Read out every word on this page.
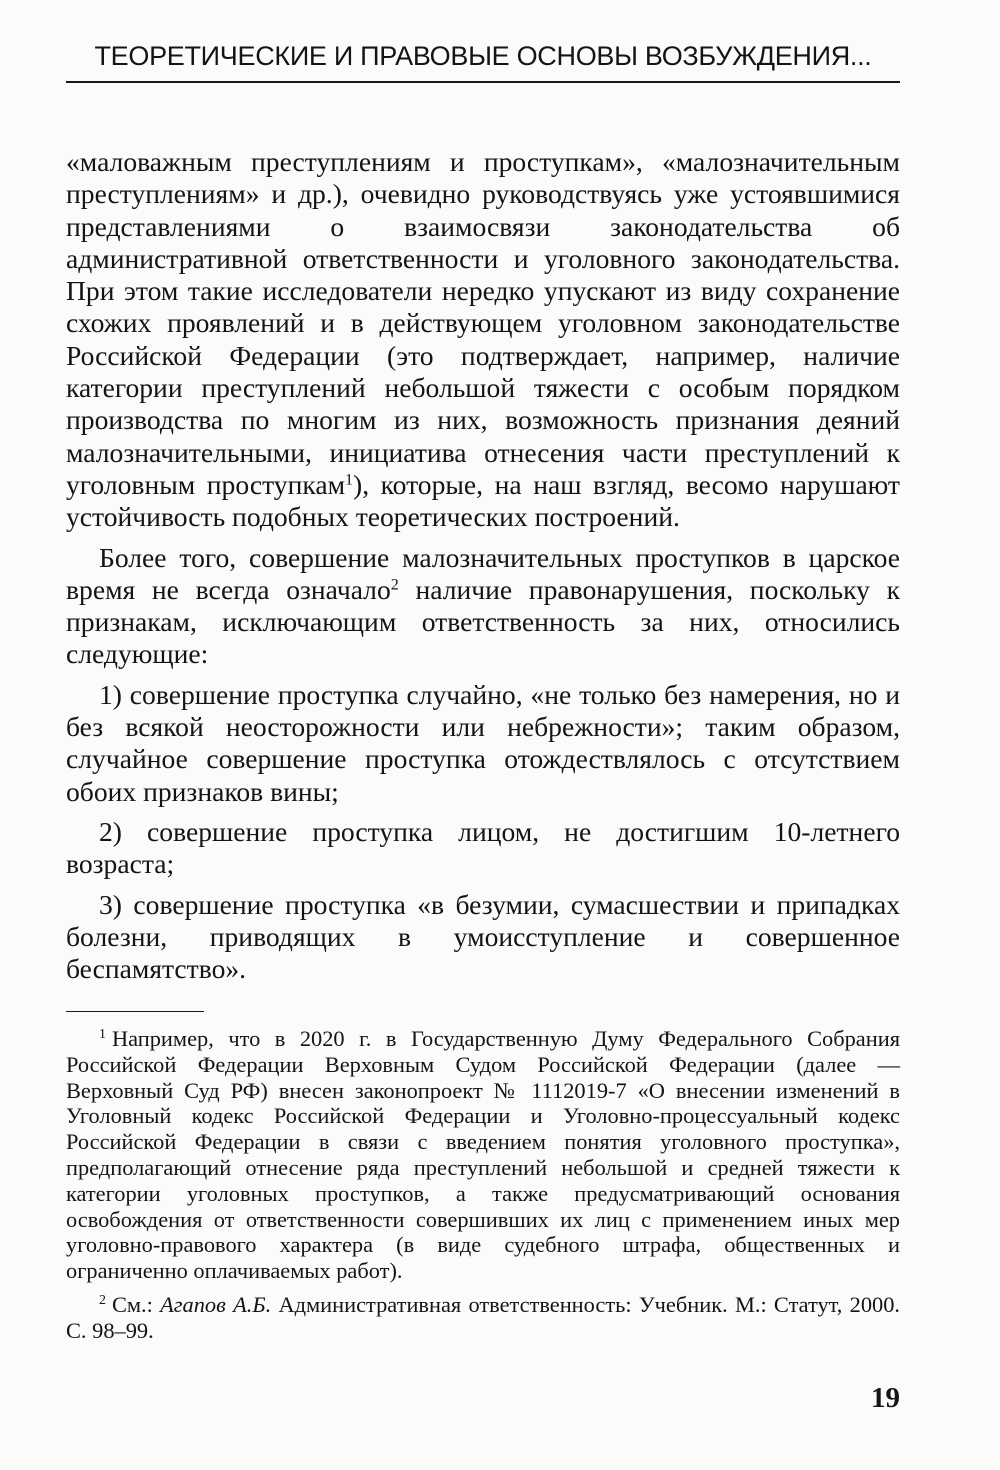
ТЕОРЕТИЧЕСКИЕ И ПРАВОВЫЕ ОСНОВЫ ВОЗБУЖДЕНИЯ...

«маловажным преступлениям и проступкам», «малозначительным преступлениям» и др.), очевидно руководствуясь уже устоявшимися представлениями о взаимосвязи законодательства об административной ответственности и уголовного законодательства. При этом такие исследователи нередко упускают из виду сохранение схожих проявлений и в действующем уголовном законодательстве Российской Федерации (это подтверждает, например, наличие категории преступлений небольшой тяжести с особым порядком производства по многим из них, возможность признания деяний малозначительными, инициатива отнесения части преступлений к уголовным проступкам$^1$), которые, на наш взгляд, весомо нарушают устойчивость подобных теоретических построений.

Более того, совершение малозначительных проступков в царское время не всегда означало$^2$ наличие правонарушения, поскольку к признакам, исключающим ответственность за них, относились следующие:

1) совершение проступка случайно, «не только без намерения, но и без всякой неосторожности или небрежности»; таким образом, случайное совершение проступка отождествлялось с отсутствием обоих признаков вины;

2) совершение проступка лицом, не достигшим 10-летнего возраста;

3) совершение проступка «в безумии, сумасшествии и припадках болезни, приводящих в умоисступление и совершенное беспамятство».

$^1$ Например, что в 2020 г. в Государственную Думу Федерального Собрания Российской Федерации Верховным Судом Российской Федерации (далее — Верховный Суд РФ) внесен законопроект № 1112019-7 «О внесении изменений в Уголовный кодекс Российской Федерации и Уголовно-процессуальный кодекс Российской Федерации в связи с введением понятия уголовного проступка», предполагающий отнесение ряда преступлений небольшой и средней тяжести к категории уголовных проступков, а также предусматривающий основания освобождения от ответственности совершивших их лиц с применением иных мер уголовно-правового характера (в виде судебного штрафа, общественных и ограниченно оплачиваемых работ).

$^2$ См.: Агапов А.Б. Административная ответственность: Учебник. М.: Статут, 2000. С. 98–99.

19
